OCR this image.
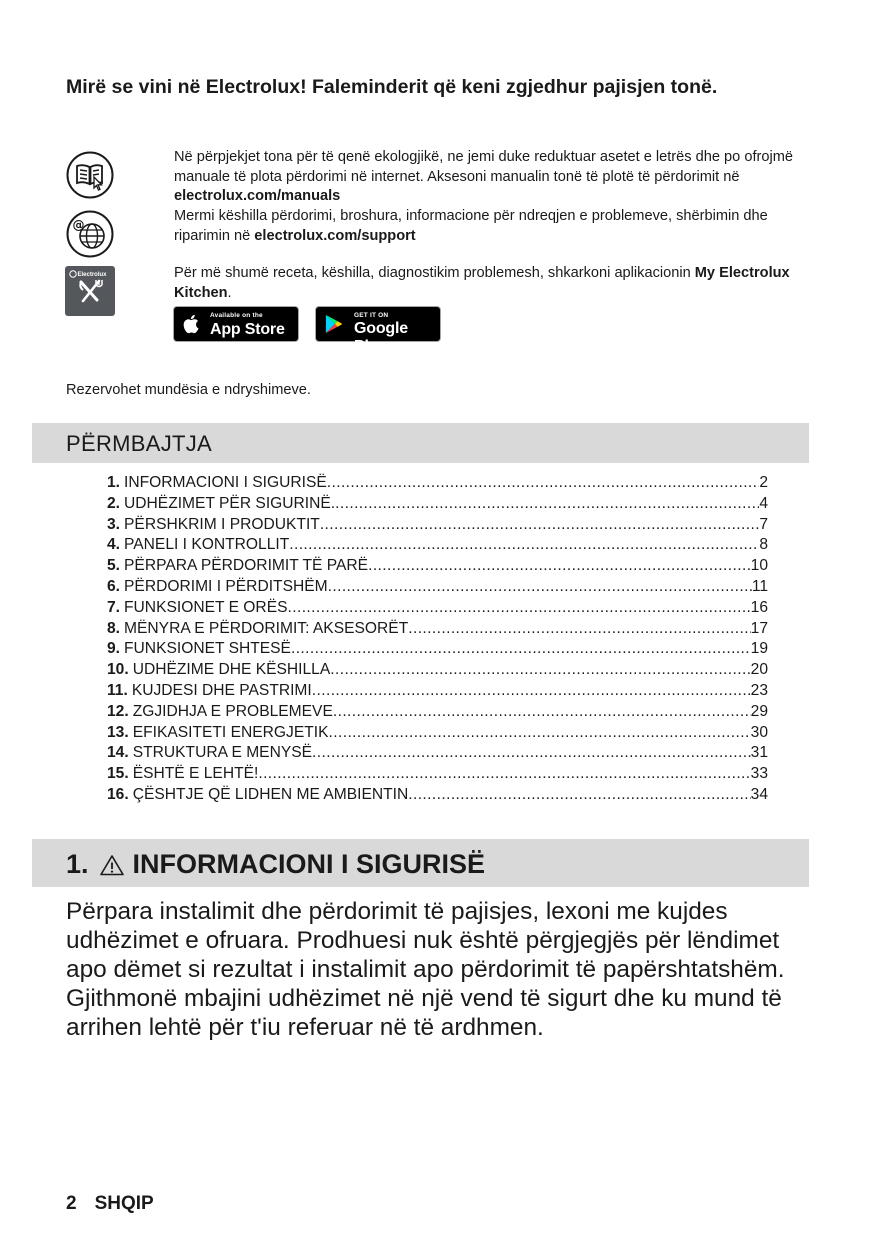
Mirë se vini në Electrolux! Faleminderit që keni zgjedhur pajisjen tonë.
Në përpjekjet tona për të qenë ekologjikë, ne jemi duke reduktuar asetet e letrës dhe po ofrojmë manuale të plota përdorimi në internet. Aksesoni manualin tonë të plotë të përdorimit në electrolux.com/manuals
@
Mermi këshilla përdorimi, broshura, informacione për ndreqjen e problemeve, shërbimin dhe riparimin në electrolux.com/support
Electrolux	Për më shumë receta, këshilla, diagnostikim problemesh, shkarkoni aplikacionin My Electrolux Kitchen.
Available on the
App Store
GET IT ON
Google Play
Rezervohet mundësia e ndryshimeve.
PËRMBAJTJA
1. INFORMACIONI I SIGURISË .....	2
2. UDHËZIMET PËR SIGURINË. .....	4
3. PËRSHKRIM I PRODUKTIT .....	7
4. PANELI I KONTROLLIT .....	8
5. PËRPARA PËRDORIMIT TË PARË .....	10
6. PËRDORIMI I PËRDITSHËM .....	11
7. FUNKSIONET E ORËS .....	16
8. MËNYRA E PËRDORIMIT: AKSESORËT .....	17
9. FUNKSIONET SHTESË .....	19
10. UDHËZIME DHE KËSHILLA .....	20
11. KUJDESI DHE PASTRIMI .....	23
12. ZGJIDHJA E PROBLEMEVE .....	29
13. EFIKASITETI ENERGJETIK .....	30
14. STRUKTURA E MENYSË .....	31
15. ËSHTË E LEHTË! .....	33
16. ÇËSHTJE QË LIDHEN ME AMBIENTIN .....	34
1. INFORMACIONI I SIGURISË
Përpara instalimit dhe përdorimit të pajisjes, lexoni me kujdes udhëzimet e ofruara. Prodhuesi nuk është përgjegjës për lëndimet apo dëmet si rezultat i instalimit apo përdorimit të papërshtatshëm. Gjithmonë mbajini udhëzimet në një vend të sigurt dhe ku mund të arrihen lehtë për t'iu referuar në të ardhmen.
2 SHQIP
